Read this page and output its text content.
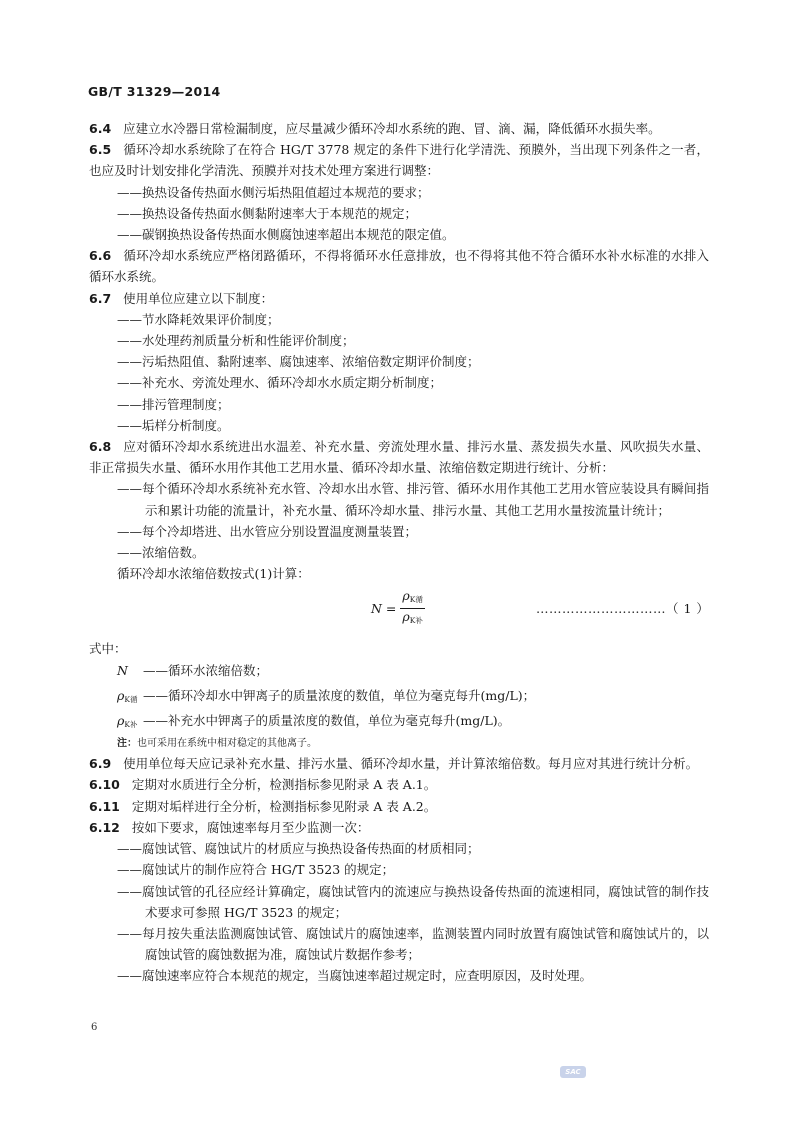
GB/T 31329—2014

6.4 应建立水冷器日常检漏制度，应尽量减少循环冷却水系统的跑、冒、滴、漏，降低循环水损失率。

6.5 循环冷却水系统除了在符合 HG/T 3778 规定的条件下进行化学清洗、预膜外，当出现下列条件之一者，也应及时计划安排化学清洗、预膜并对技术处理方案进行调整：

——换热设备传热面水侧污垢热阻值超过本规范的要求；

——换热设备传热面水侧黏附速率大于本规范的规定；

——碳钢换热设备传热面水侧腐蚀速率超出本规范的限定值。

6.6 循环冷却水系统应严格闭路循环，不得将循环水任意排放，也不得将其他不符合循环水补水标准的水排入循环水系统。

6.7 使用单位应建立以下制度：

——节水降耗效果评价制度；

——水处理药剂质量分析和性能评价制度；

——污垢热阻值、黏附速率、腐蚀速率、浓缩倍数定期评价制度；

——补充水、旁流处理水、循环冷却水水质定期分析制度；

——排污管理制度；

——垢样分析制度。

6.8 应对循环冷却水系统进出水温差、补充水量、旁流处理水量、排污水量、蒸发损失水量、风吹损失水量、非正常损失水量、循环水用作其他工艺用水量、循环冷却水量、浓缩倍数定期进行统计、分析：

——每个循环冷却水系统补充水管、冷却水出水管、排污管、循环水用作其他工艺用水管应装设具有瞬间指示和累计功能的流量计，补充水量、循环冷却水量、排污水量、其他工艺用水量按流量计统计；

——每个冷却塔进、出水管应分别设置温度测量装置；

——浓缩倍数。

循环冷却水浓缩倍数按式(1)计算：

$N = \frac{\rho_{K循}}{\rho_{K补}}$	…………………………（ 1 ）

式中：

N ——循环水浓缩倍数；

$\rho_{K循}$ ——循环冷却水中钾离子的质量浓度的数值，单位为毫克每升(mg/L)；

$\rho_{K补}$ ——补充水中钾离子的质量浓度的数值，单位为毫克每升(mg/L)。

注：也可采用在系统中相对稳定的其他离子。

6.9 使用单位每天应记录补充水量、排污水量、循环冷却水量，并计算浓缩倍数。每月应对其进行统计分析。

6.10 定期对水质进行全分析，检测指标参见附录 A 表 A.1。

6.11 定期对垢样进行全分析，检测指标参见附录 A 表 A.2。

6.12 按如下要求，腐蚀速率每月至少监测一次：

——腐蚀试管、腐蚀试片的材质应与换热设备传热面的材质相同；

——腐蚀试片的制作应符合 HG/T 3523 的规定；

——腐蚀试管的孔径应经计算确定，腐蚀试管内的流速应与换热设备传热面的流速相同，腐蚀试管的制作技术要求可参照 HG/T 3523 的规定；

——每月按失重法监测腐蚀试管、腐蚀试片的腐蚀速率，监测装置内同时放置有腐蚀试管和腐蚀试片的，以腐蚀试管的腐蚀数据为准，腐蚀试片数据作参考；

——腐蚀速率应符合本规范的规定，当腐蚀速率超过规定时，应查明原因，及时处理。

6
SAC
